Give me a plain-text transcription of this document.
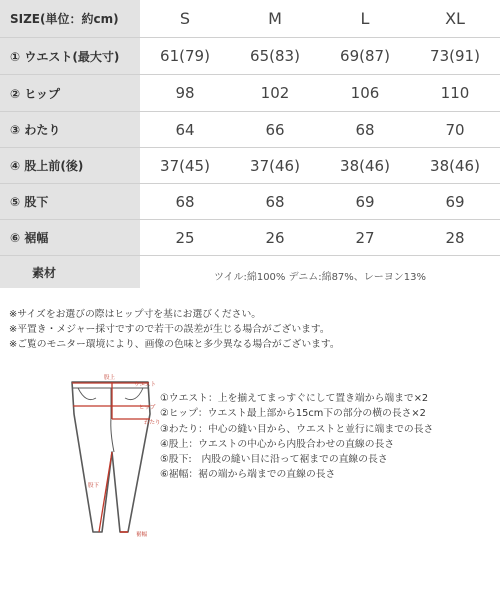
SIZE(単位：約cm)	S	M	L	XL
① ウエスト(最大寸)	61(79)	65(83)	69(87)	73(91)
② ヒップ	98	102	106	110
③ わたり	64	66	68	70
④ 股上前(後)	37(45)	37(46)	38(46)	38(46)
⑤ 股下	68	68	69	69
⑥ 裾幅	25	26	27	28
素材	ツイル:綿100% デニム:綿87%、レーヨン13%
※サイズをお選びの際はヒップ寸を基にお選びください。
※平置き・メジャー採寸ですので若干の誤差が生じる場合がございます。
※ご覧のモニター環境により、画像の色味と多少異なる場合がございます。
股上
ウエスト
ヒップ
わたり
股下
裾幅
①ウエスト：上を揃えてまっすぐにして置き端から端まで×2
②ヒップ：ウエスト最上部から15cm下の部分の横の長さ×2
③わたり：中心の縫い目から、ウエストと並行に端までの長さ
④股上：ウエストの中心から内股合わせの直線の長さ
⑤股下:　内股の縫い目に沿って裾までの直線の長さ
⑥裾幅：裾の端から端までの直線の長さ
